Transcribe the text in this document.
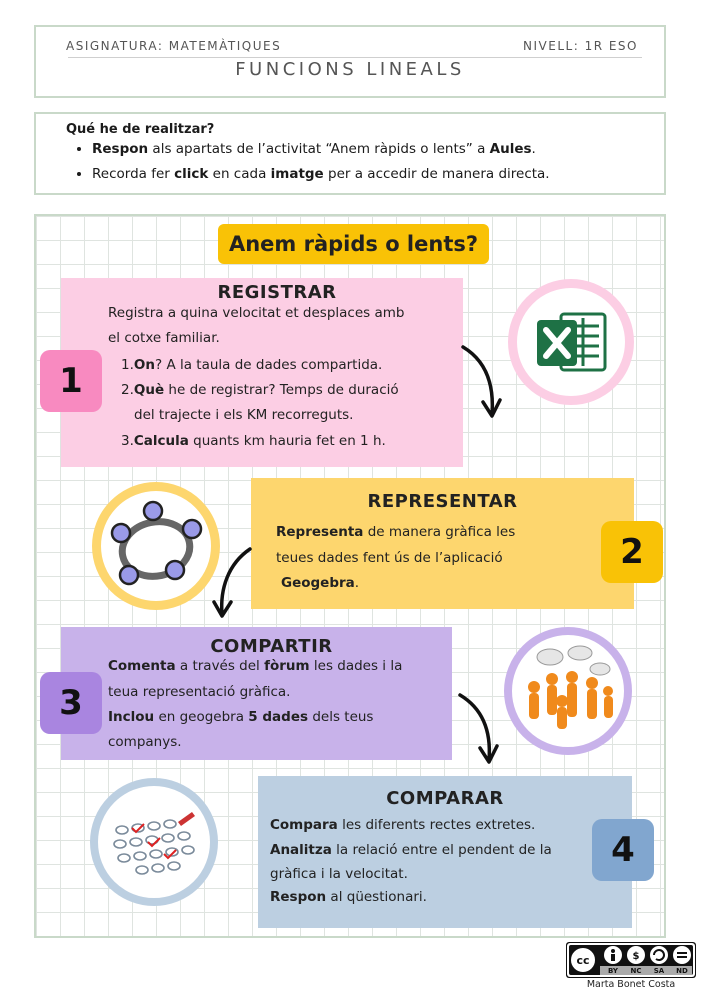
ASIGNATURA: MATEMÀTIQUES	NIVELL: 1R ESO
FUNCIONS LINEALS
Qué he de realitzar?
• Respon als apartats de l’activitat “Anem ràpids o lents” a Aules.
• Recorda fer click en cada imatge per a accedir de manera directa.
Anem ràpids o lents?
REGISTRAR

Registra a quina velocitat et desplaces amb

el cotxe familiar.

1.On? A la taula de dades compartida.

2.Què he de registrar? Temps de duració

del trajecte i els KM recorreguts.

3.Calcula quants km hauria fet en 1 h.

1
REPRESENTAR

Representa de manera gràfica les

teues dades fent ús de l’aplicació

Geogebra.

2
COMPARTIR

Comenta a través del fòrum les dades i la

teua representació gràfica.

Inclou en geogebra 5 dades dels teus

companys.

3
COMPARAR

Compara les diferents rectes extretes.

Analitza la relació entre el pendent de la

gràfica i la velocitat.

Respon al qüestionari.

4
cc	$
BY NC SA ND
Marta Bonet Costa
